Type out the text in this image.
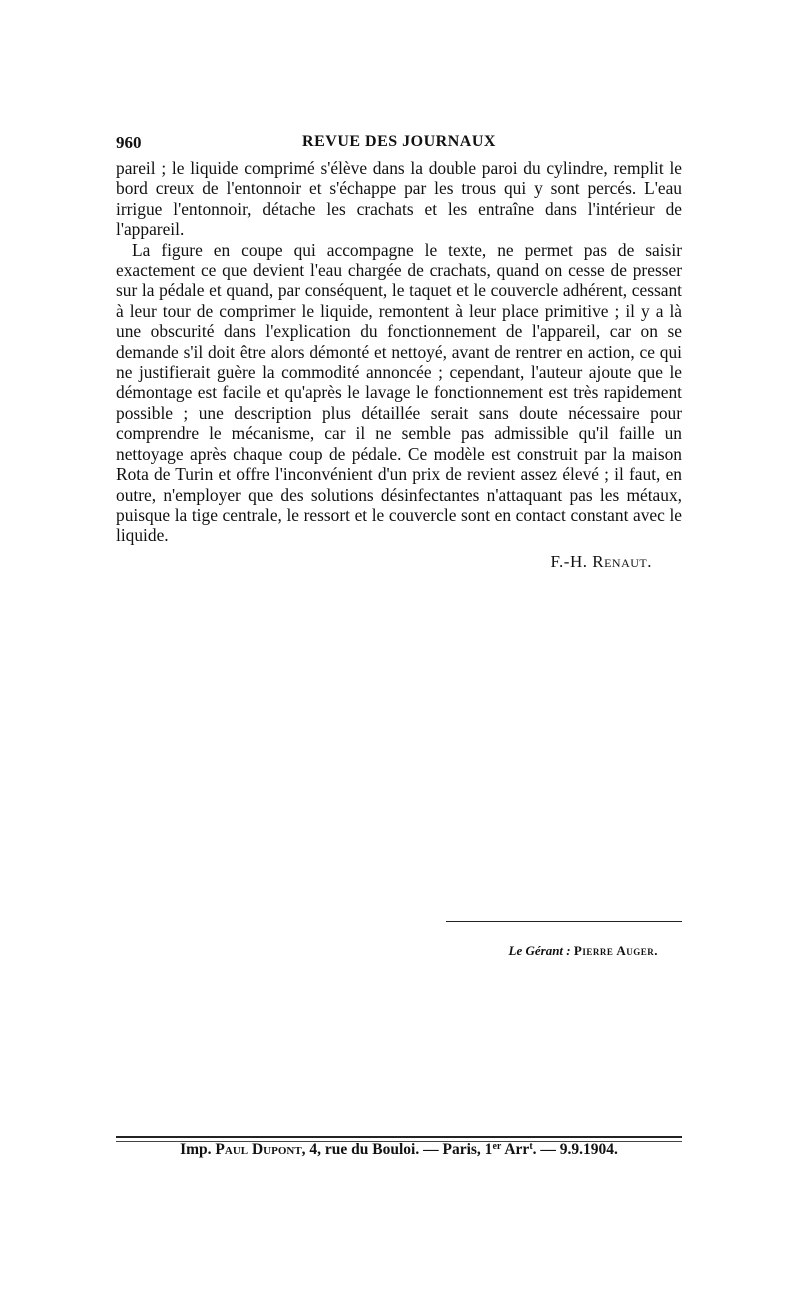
960	REVUE DES JOURNAUX

pareil ; le liquide comprimé s'élève dans la double paroi du cylindre, remplit le bord creux de l'entonnoir et s'échappe par les trous qui y sont percés. L'eau irrigue l'entonnoir, détache les crachats et les entraîne dans l'intérieur de l'appareil.

La figure en coupe qui accompagne le texte, ne permet pas de saisir exactement ce que devient l'eau chargée de crachats, quand on cesse de presser sur la pédale et quand, par conséquent, le taquet et le couvercle adhérent, cessant à leur tour de comprimer le liquide, remontent à leur place primitive ; il y a là une obscurité dans l'explication du fonctionnement de l'appareil, car on se demande s'il doit être alors démonté et nettoyé, avant de rentrer en action, ce qui ne justifierait guère la commodité annoncée ; cependant, l'auteur ajoute que le démontage est facile et qu'après le lavage le fonctionnement est très rapidement possible ; une description plus détaillée serait sans doute nécessaire pour comprendre le mécanisme, car il ne semble pas admissible qu'il faille un nettoyage après chaque coup de pédale. Ce modèle est construit par la maison Rota de Turin et offre l'inconvénient d'un prix de revient assez élevé ; il faut, en outre, n'employer que des solutions désinfectantes n'attaquant pas les métaux, puisque la tige centrale, le ressort et le couvercle sont en contact constant avec le liquide.

F.-H. Renaut.
Le Gérant : Pierre Auger.
Imp. Paul Dupont, 4, rue du Bouloi. — Paris, 1er Arr$^t$. — 9.9.1904.
